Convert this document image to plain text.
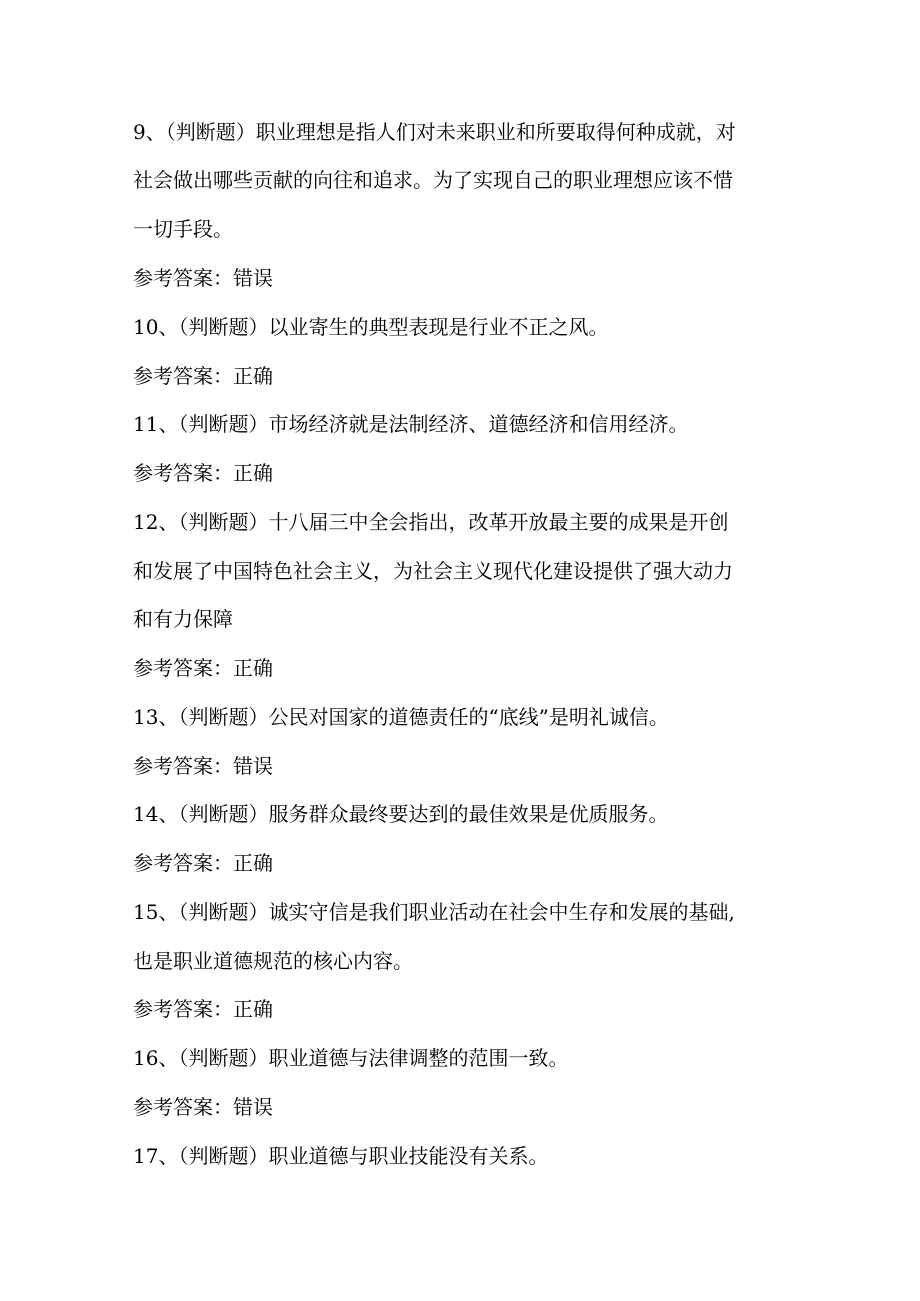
9、（判断题）职业理想是指人们对未来职业和所要取得何种成就，对
社会做出哪些贡献的向往和追求。为了实现自己的职业理想应该不惜
一切手段。
参考答案：错误
10、（判断题）以业寄生的典型表现是行业不正之风。
参考答案：正确
11、（判断题）市场经济就是法制经济、道德经济和信用经济。
参考答案：正确
12、（判断题）十八届三中全会指出，改革开放最主要的成果是开创
和发展了中国特色社会主义，为社会主义现代化建设提供了强大动力
和有力保障
参考答案：正确
13、（判断题）公民对国家的道德责任的“底线”是明礼诚信。
参考答案：错误
14、（判断题）服务群众最终要达到的最佳效果是优质服务。
参考答案：正确
15、（判断题）诚实守信是我们职业活动在社会中生存和发展的基础,
也是职业道德规范的核心内容。
参考答案：正确
16、（判断题）职业道德与法律调整的范围一致。
参考答案：错误
17、（判断题）职业道德与职业技能没有关系。
